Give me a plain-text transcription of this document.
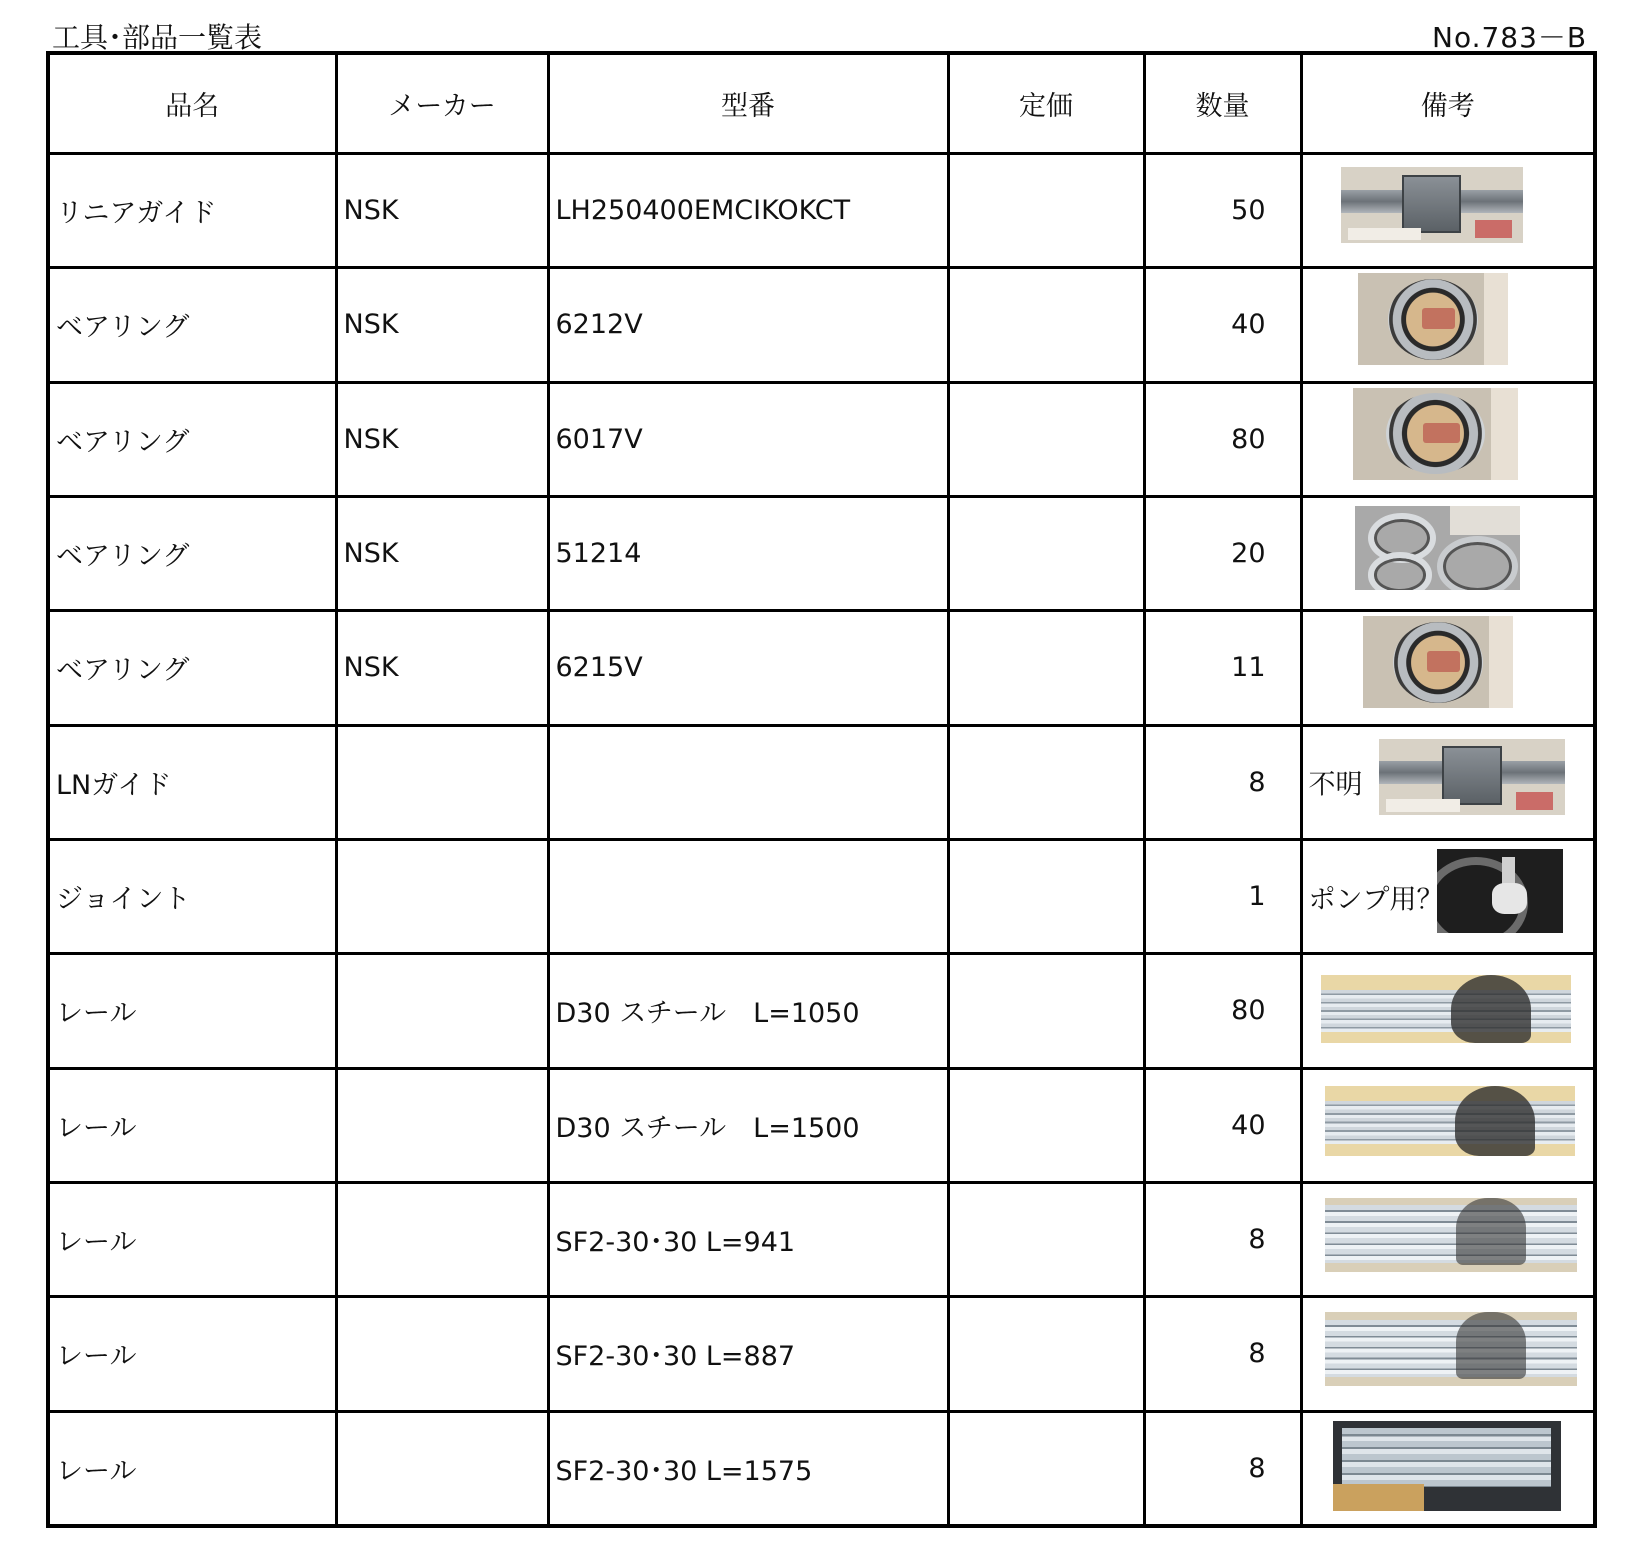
工具･部品一覧表	No.783－B
品名	メーカー	型番	定価	数量	備考
リニアガイド	NSK	LH250400EMCIKOKCT		50	

ベアリング	NSK	6212V		40	

ベアリング	NSK	6017V		80	

ベアリング	NSK	51214		20	

ベアリング	NSK	6215V		11	

LNガイド				8	不明

ジョイント				1	ポンプ用？

レール		D30 スチール　L=1050		80	

レール		D30 スチール　L=1500		40	

レール		SF2-30･30 L=941		8	

レール		SF2-30･30 L=887		8	

レール		SF2-30･30 L=1575		8	
